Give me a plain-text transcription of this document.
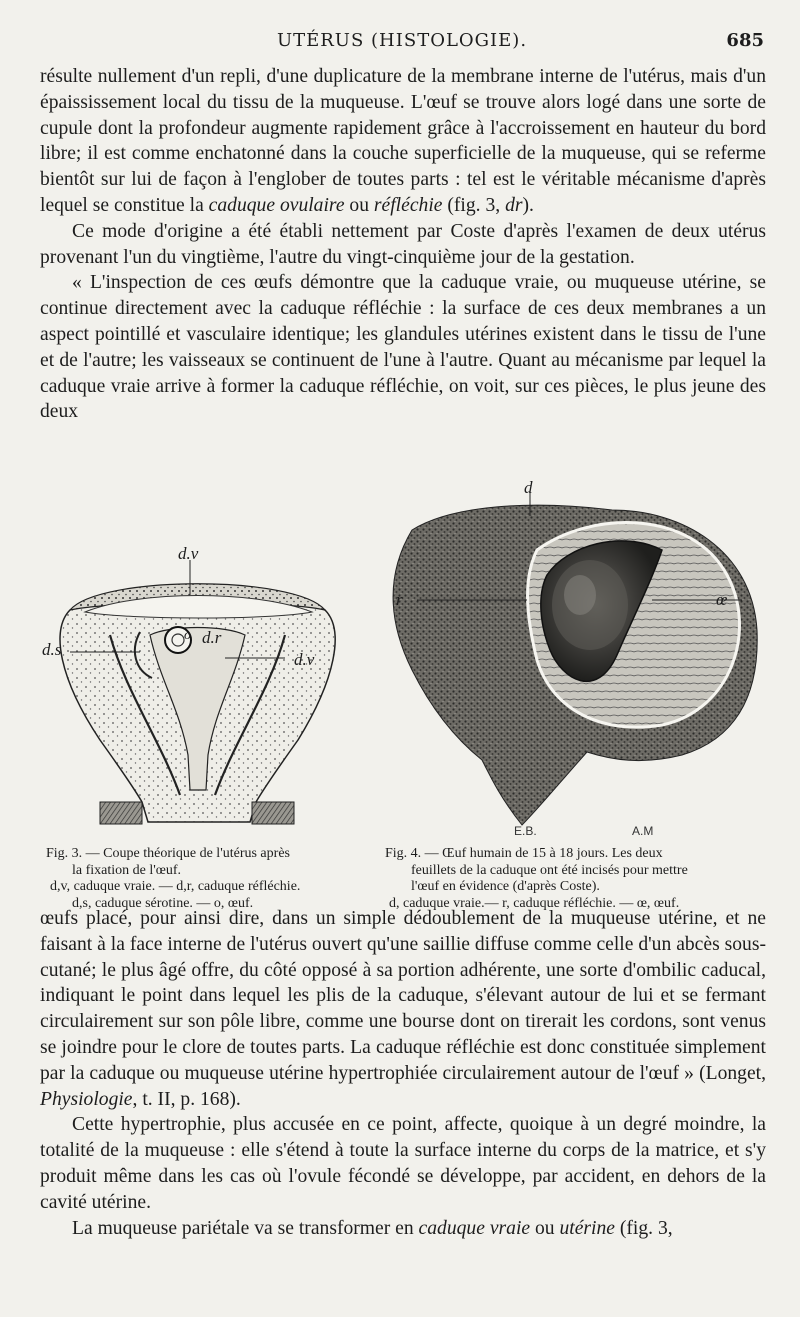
UTÉRUS (HISTOLOGIE).	685

résulte nullement d'un repli, d'une duplicature de la membrane interne de l'utérus, mais d'un épaississement local du tissu de la muqueuse. L'œuf se trouve alors logé dans une sorte de cupule dont la profondeur augmente rapidement grâce à l'accroissement en hauteur du bord libre; il est comme enchatonné dans la couche superficielle de la muqueuse, qui se referme bientôt sur lui de façon à l'englober de toutes parts : tel est le véritable mécanisme d'après lequel se constitue la caduque ovulaire ou réfléchie (fig. 3, dr).

Ce mode d'origine a été établi nettement par Coste d'après l'examen de deux utérus provenant l'un du vingtième, l'autre du vingt-cinquième jour de la gestation.

« L'inspection de ces œufs démontre que la caduque vraie, ou muqueuse utérine, se continue directement avec la caduque réfléchie : la surface de ces deux membranes a un aspect pointillé et vasculaire identique; les glandules utérines existent dans le tissu de l'une et de l'autre; les vaisseaux se continuent de l'une à l'autre. Quant au mécanisme par lequel la caduque vraie arrive à former la caduque réfléchie, on voit, sur ces pièces, le plus jeune des deux

d.v
d.r
o
d.s
d.v
d
r	œ
E.B.	A.M
Fig. 3. — Coupe théorique de l'utérus après
la fixation de l'œuf.
d,v, caduque vraie. — d,r, caduque réfléchie.
d,s, caduque sérotine. — o, œuf.
Fig. 4. — Œuf humain de 15 à 18 jours. Les deux
feuillets de la caduque ont été incisés pour mettre
l'œuf en évidence (d'après Coste).
d, caduque vraie.— r, caduque réfléchie. — œ, œuf.

œufs placé, pour ainsi dire, dans un simple dédoublement de la muqueuse utérine, et ne faisant à la face interne de l'utérus ouvert qu'une saillie diffuse comme celle d'un abcès sous-cutané; le plus âgé offre, du côté opposé à sa portion adhérente, une sorte d'ombilic caducal, indiquant le point dans lequel les plis de la caduque, s'élevant autour de lui et se fermant circulairement sur son pôle libre, comme une bourse dont on tirerait les cordons, sont venus se joindre pour le clore de toutes parts. La caduque réfléchie est donc constituée simplement par la caduque ou muqueuse utérine hypertrophiée circulairement autour de l'œuf » (Longet, Physiologie, t. II, p. 168).

Cette hypertrophie, plus accusée en ce point, affecte, quoique à un degré moindre, la totalité de la muqueuse : elle s'étend à toute la surface interne du corps de la matrice, et s'y produit même dans les cas où l'ovule fécondé se développe, par accident, en dehors de la cavité utérine.

La muqueuse pariétale va se transformer en caduque vraie ou utérine (fig. 3,
